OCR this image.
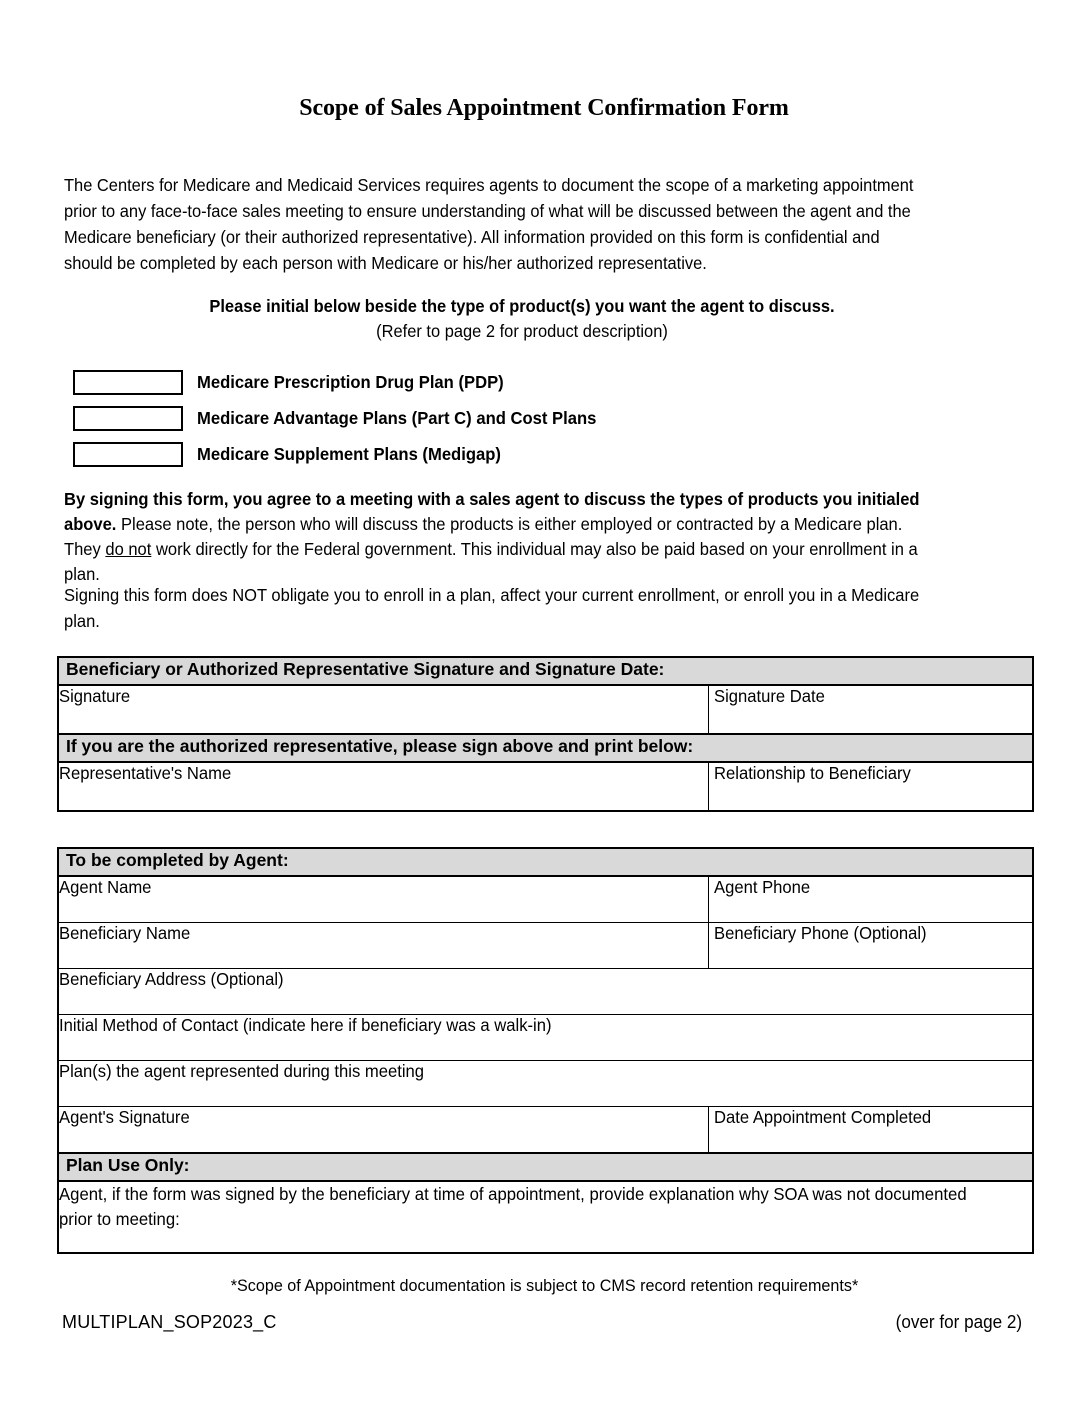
Scope of Sales Appointment Confirmation Form
The Centers for Medicare and Medicaid Services requires agents to document the scope of a marketing appointment prior to any face-to-face sales meeting to ensure understanding of what will be discussed between the agent and the Medicare beneficiary (or their authorized representative). All information provided on this form is confidential and should be completed by each person with Medicare or his/her authorized representative.
Please initial below beside the type of product(s) you want the agent to discuss.
(Refer to page 2 for product description)
Medicare Prescription Drug Plan (PDP)
Medicare Advantage Plans (Part C) and Cost Plans
Medicare Supplement Plans (Medigap)
By signing this form, you agree to a meeting with a sales agent to discuss the types of products you initialed above. Please note, the person who will discuss the products is either employed or contracted by a Medicare plan. They do not work directly for the Federal government. This individual may also be paid based on your enrollment in a plan.
Signing this form does NOT obligate you to enroll in a plan, affect your current enrollment, or enroll you in a Medicare plan.
Beneficiary or Authorized Representative Signature and Signature Date:	
Signature	Signature Date
If you are the authorized representative, please sign above and print below:	
Representative's Name	Relationship to Beneficiary
To be completed by Agent:	
Agent Name	Agent Phone
Beneficiary Name	Beneficiary Phone (Optional)
Beneficiary Address (Optional)	
Initial Method of Contact (indicate here if beneficiary was a walk-in)	
Plan(s) the agent represented during this meeting	
Agent's Signature	Date Appointment Completed
Plan Use Only:	
Agent, if the form was signed by the beneficiary at time of appointment, provide explanation why SOA was not documented prior to meeting:	
*Scope of Appointment documentation is subject to CMS record retention requirements*
MULTIPLAN_SOP2023_C	(over for page 2)
